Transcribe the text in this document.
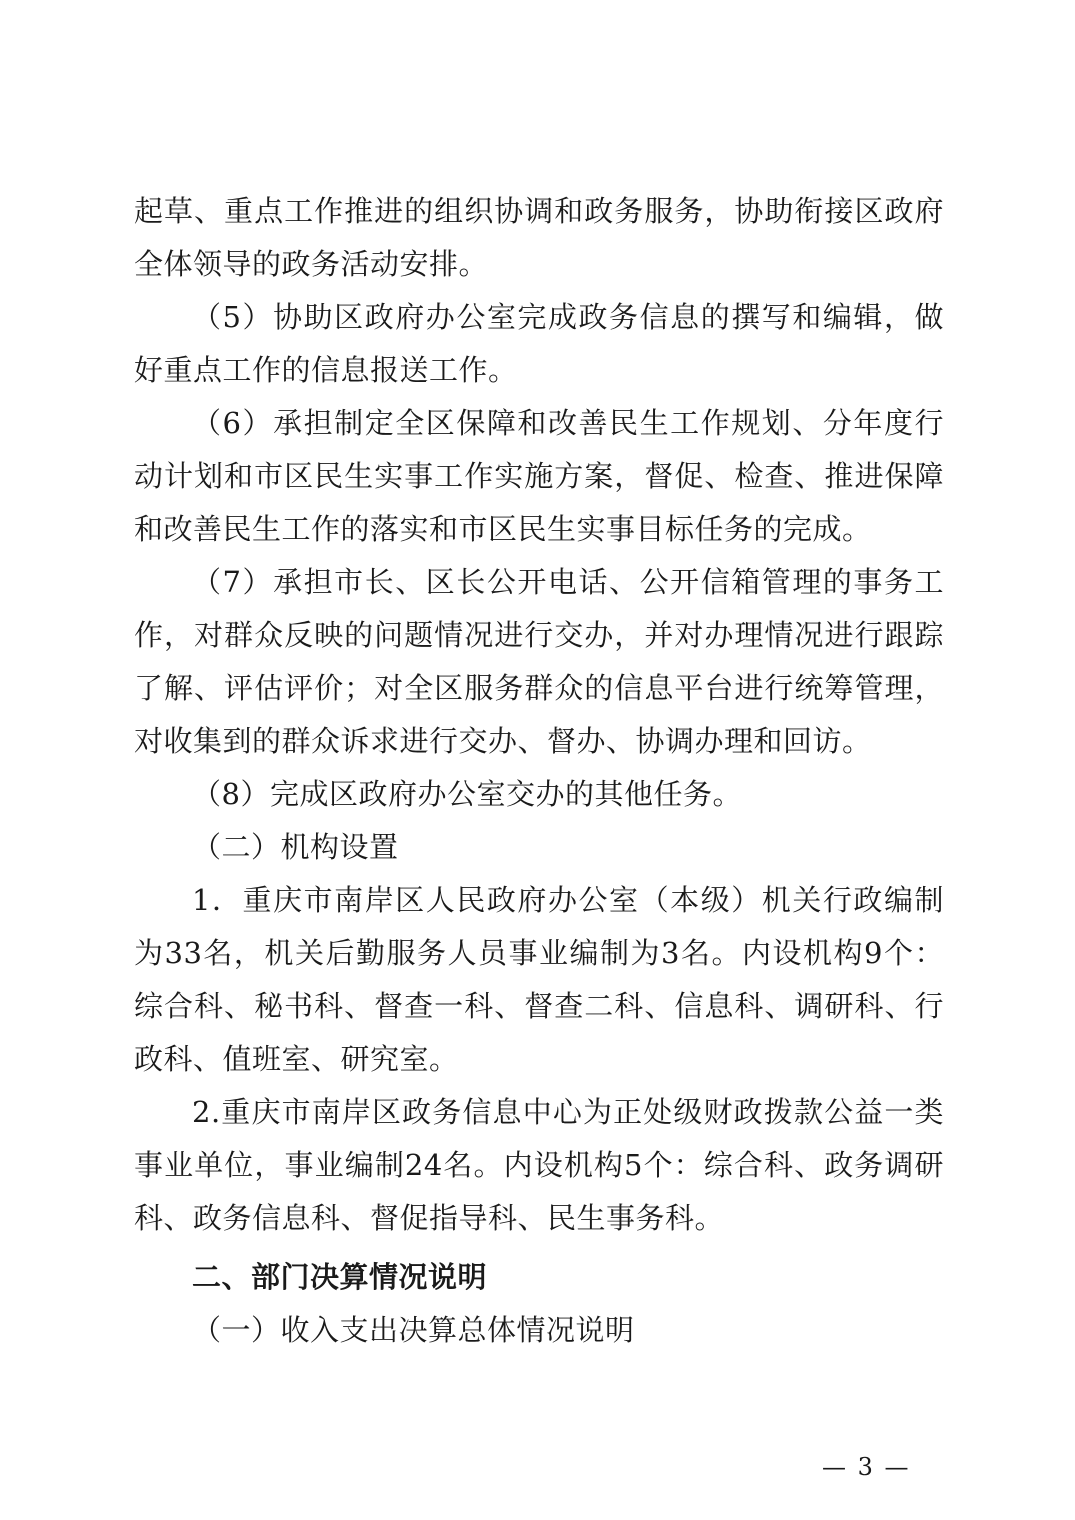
起草、重点工作推进的组织协调和政务服务，协助衔接区政府全体领导的政务活动安排。

（5）协助区政府办公室完成政务信息的撰写和编辑，做好重点工作的信息报送工作。

（6）承担制定全区保障和改善民生工作规划、分年度行动计划和市区民生实事工作实施方案，督促、检查、推进保障和改善民生工作的落实和市区民生实事目标任务的完成。

（7）承担市长、区长公开电话、公开信箱管理的事务工作，对群众反映的问题情况进行交办，并对办理情况进行跟踪了解、评估评价；对全区服务群众的信息平台进行统筹管理，对收集到的群众诉求进行交办、督办、协调办理和回访。

（8）完成区政府办公室交办的其他任务。

（二）机构设置

1．重庆市南岸区人民政府办公室（本级）机关行政编制为33名，机关后勤服务人员事业编制为3名。内设机构9个：综合科、秘书科、督查一科、督查二科、信息科、调研科、行政科、值班室、研究室。

2.重庆市南岸区政务信息中心为正处级财政拨款公益一类事业单位，事业编制24名。内设机构5个：综合科、政务调研科、政务信息科、督促指导科、民生事务科。

二、部门决算情况说明

（一）收入支出决算总体情况说明

— 3 —
